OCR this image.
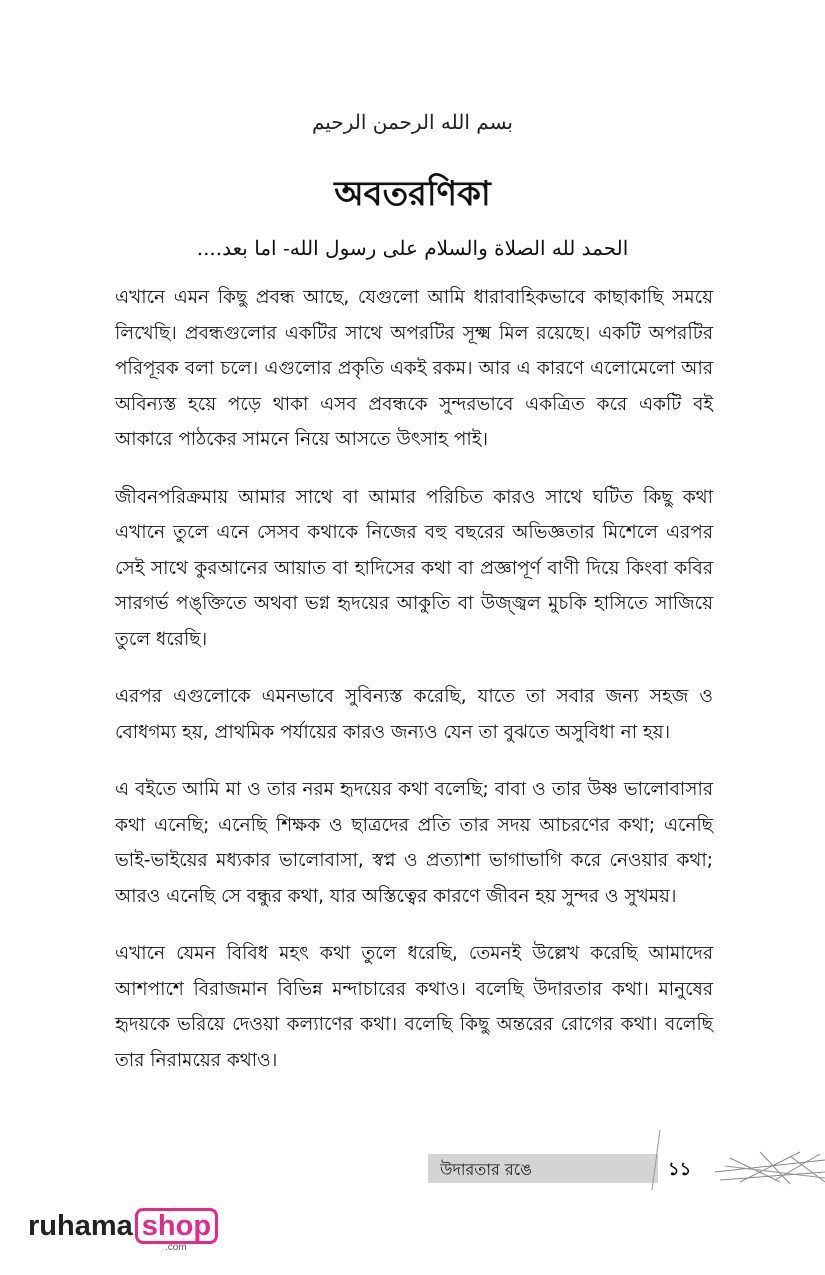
بسم الله الرحمن الرحيم
অবতরণিকা
الحمد لله الصلاة والسلام على رسول الله- اما بعد....

এখানে এমন কিছু প্রবন্ধ আছে, যেগুলো আমি ধারাবাহিকভাবে কাছাকাছি সময়ে লিখেছি। প্রবন্ধগুলোর একটির সাথে অপরটির সূক্ষ্ম মিল রয়েছে। একটি অপরটির পরিপূরক বলা চলে। এগুলোর প্রকৃতি একই রকম। আর এ কারণে এলোমেলো আর অবিন্যস্ত হয়ে পড়ে থাকা এসব প্রবন্ধকে সুন্দরভাবে একত্রিত করে একটি বই আকারে পাঠকের সামনে নিয়ে আসতে উৎসাহ পাই।

জীবনপরিক্রমায় আমার সাথে বা আমার পরিচিত কারও সাথে ঘটিত কিছু কথা এখানে তুলে এনে সেসব কথাকে নিজের বহু বছরের অভিজ্ঞতার মিশেলে এরপর সেই সাথে কুরআনের আয়াত বা হাদিসের কথা বা প্রজ্ঞাপূর্ণ বাণী দিয়ে কিংবা কবির সারগর্ভ পঙ্‌ক্তিতে অথবা ভগ্ন হৃদয়ের আকুতি বা উজ্জ্বল মুচকি হাসিতে সাজিয়ে তুলে ধরেছি।

এরপর এগুলোকে এমনভাবে সুবিন্যস্ত করেছি, যাতে তা সবার জন্য সহজ ও বোধগম্য হয়, প্রাথমিক পর্যায়ের কারও জন্যও যেন তা বুঝতে অসুবিধা না হয়।

এ বইতে আমি মা ও তার নরম হৃদয়ের কথা বলেছি; বাবা ও তার উষ্ণ ভালোবাসার কথা এনেছি; এনেছি শিক্ষক ও ছাত্রদের প্রতি তার সদয় আচরণের কথা; এনেছি ভাই-ভাইয়ের মধ্যকার ভালোবাসা, স্বপ্ন ও প্রত্যাশা ভাগাভাগি করে নেওয়ার কথা; আরও এনেছি সে বন্ধুর কথা, যার অস্তিত্বের কারণে জীবন হয় সুন্দর ও সুখময়।

এখানে যেমন বিবিধ মহৎ কথা তুলে ধরেছি, তেমনই উল্লেখ করেছি আমাদের আশপাশে বিরাজমান বিভিন্ন মন্দাচারের কথাও। বলেছি উদারতার কথা। মানুষের হৃদয়কে ভরিয়ে দেওয়া কল্যাণের কথা। বলেছি কিছু অন্তরের রোগের কথা। বলেছি তার নিরাময়ের কথাও।

উদারতার রঙে	১১
ruhama shop
.com
